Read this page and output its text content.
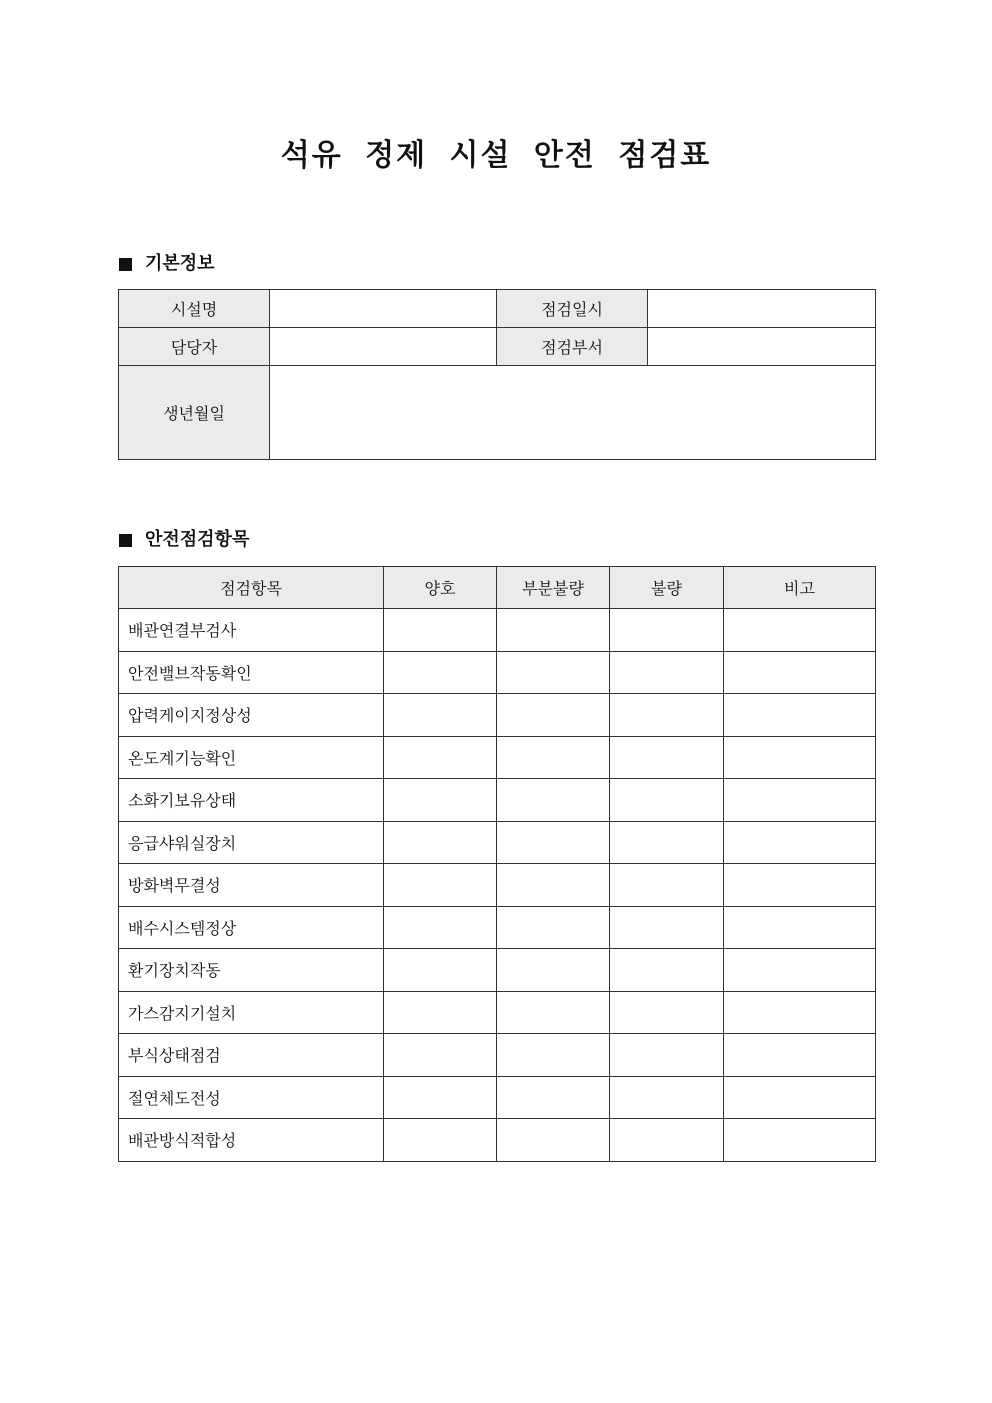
석유 정제 시설 안전 점검표
기본정보
시설명		점검일시	
담당자		점검부서	
생년월일			
안전점검항목
점검항목	양호	부분불량	불량	비고
배관연결부검사				
안전밸브작동확인				
압력게이지정상성				
온도계기능확인				
소화기보유상태				
응급샤워실장치				
방화벽무결성				
배수시스템정상				
환기장치작동				
가스감지기설치				
부식상태점검				
절연체도전성				
배관방식적합성				
